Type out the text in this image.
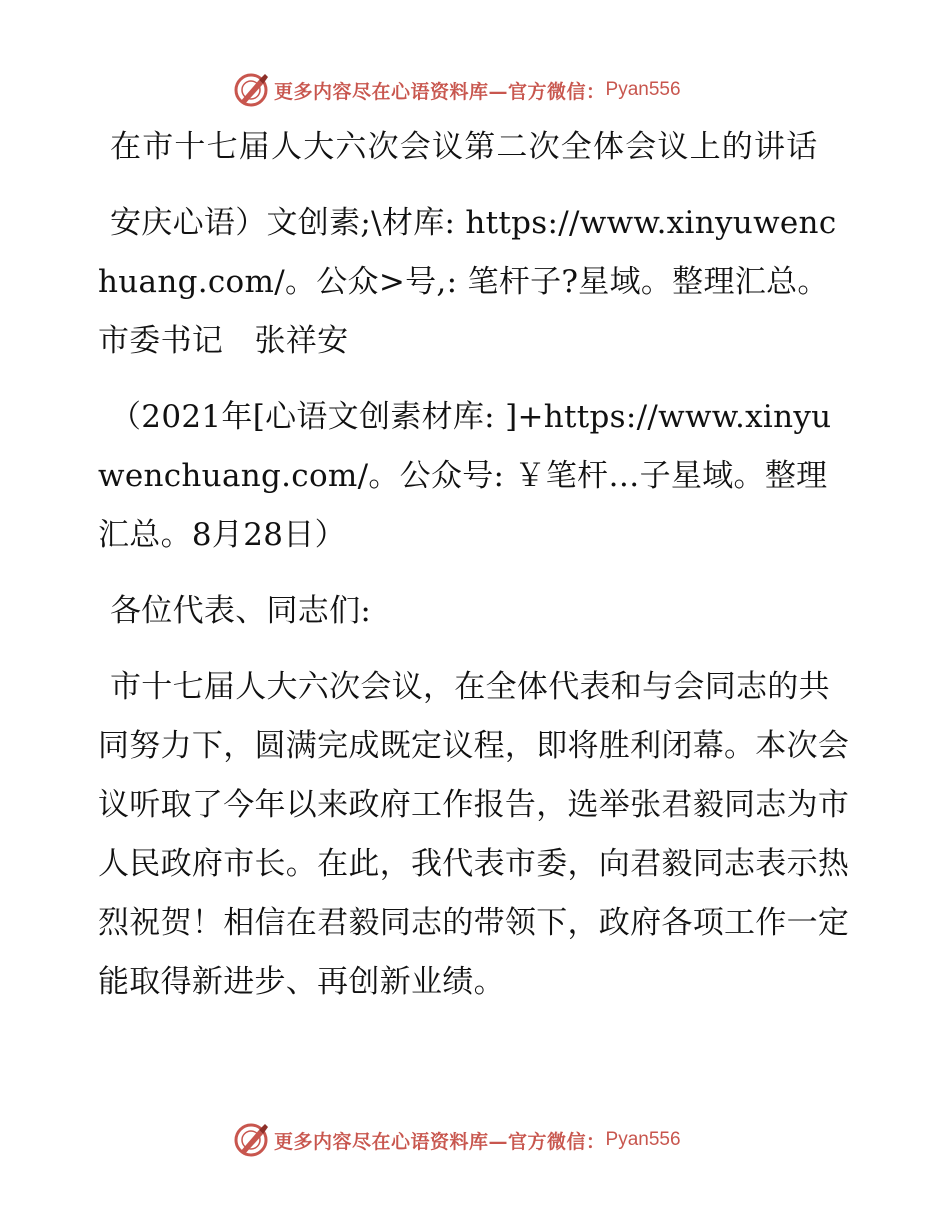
更多内容尽在心语资料库—官方微信： Pyan556

在市十七届人大六次会议第二次全体会议上的讲话

安庆心语）文创素;\材库: https://www.xinyuwenchuang.com/。公众>号,: 笔杆子?星域。整理汇总。市委书记　张祥安

（2021年[心语文创素材库: ]+https://www.xinyuwenchuang.com/。公众号: ￥笔杆…子星域。整理汇总。8月28日）

各位代表、同志们:

市十七届人大六次会议，在全体代表和与会同志的共同努力下，圆满完成既定议程，即将胜利闭幕。本次会议听取了今年以来政府工作报告，选举张君毅同志为市人民政府市长。在此，我代表市委，向君毅同志表示热烈祝贺！相信在君毅同志的带领下，政府各项工作一定能取得新进步、再创新业绩。

更多内容尽在心语资料库—官方微信： Pyan556
